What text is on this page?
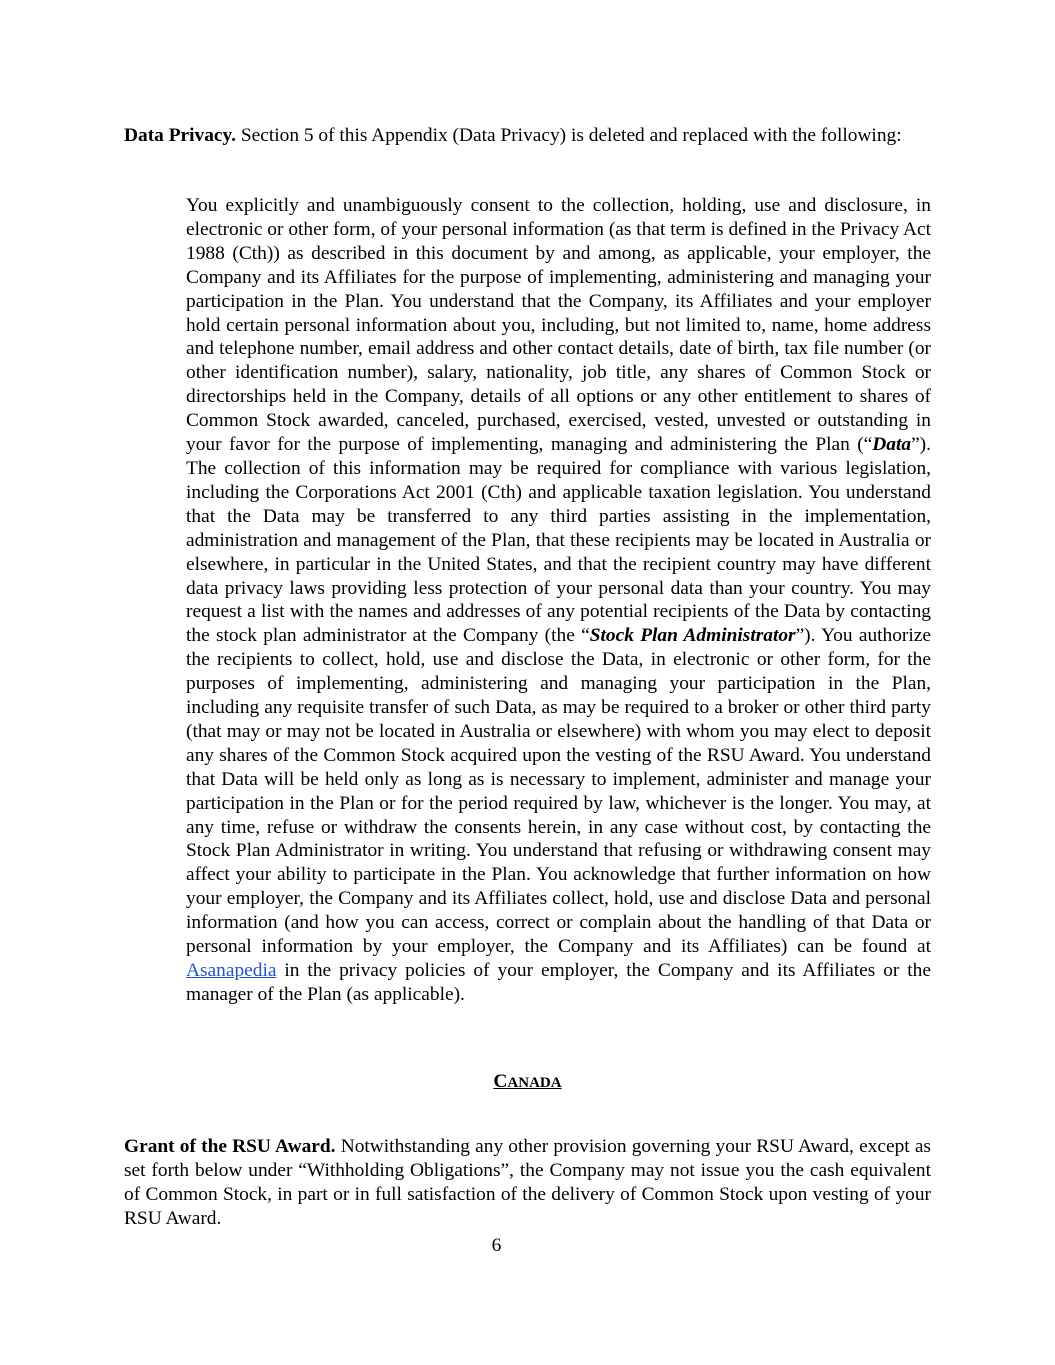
Data Privacy. Section 5 of this Appendix (Data Privacy) is deleted and replaced with the following:

You explicitly and unambiguously consent to the collection, holding, use and disclosure, in electronic or other form, of your personal information (as that term is defined in the Privacy Act 1988 (Cth)) as described in this document by and among, as applicable, your employer, the Company and its Affiliates for the purpose of implementing, administering and managing your participation in the Plan. You understand that the Company, its Affiliates and your employer hold certain personal information about you, including, but not limited to, name, home address and telephone number, email address and other contact details, date of birth, tax file number (or other identification number), salary, nationality, job title, any shares of Common Stock or directorships held in the Company, details of all options or any other entitlement to shares of Common Stock awarded, canceled, purchased, exercised, vested, unvested or outstanding in your favor for the purpose of implementing, managing and administering the Plan (“Data”). The collection of this information may be required for compliance with various legislation, including the Corporations Act 2001 (Cth) and applicable taxation legislation. You understand that the Data may be transferred to any third parties assisting in the implementation, administration and management of the Plan, that these recipients may be located in Australia or elsewhere, in particular in the United States, and that the recipient country may have different data privacy laws providing less protection of your personal data than your country. You may request a list with the names and addresses of any potential recipients of the Data by contacting the stock plan administrator at the Company (the “Stock Plan Administrator”). You authorize the recipients to collect, hold, use and disclose the Data, in electronic or other form, for the purposes of implementing, administering and managing your participation in the Plan, including any requisite transfer of such Data, as may be required to a broker or other third party (that may or may not be located in Australia or elsewhere) with whom you may elect to deposit any shares of the Common Stock acquired upon the vesting of the RSU Award. You understand that Data will be held only as long as is necessary to implement, administer and manage your participation in the Plan or for the period required by law, whichever is the longer. You may, at any time, refuse or withdraw the consents herein, in any case without cost, by contacting the Stock Plan Administrator in writing. You understand that refusing or withdrawing consent may affect your ability to participate in the Plan. You acknowledge that further information on how your employer, the Company and its Affiliates collect, hold, use and disclose Data and personal information (and how you can access, correct or complain about the handling of that Data or personal information by your employer, the Company and its Affiliates) can be found at Asanapedia in the privacy policies of your employer, the Company and its Affiliates or the manager of the Plan (as applicable).

CANADA

Grant of the RSU Award. Notwithstanding any other provision governing your RSU Award, except as set forth below under “Withholding Obligations”, the Company may not issue you the cash equivalent of Common Stock, in part or in full satisfaction of the delivery of Common Stock upon vesting of your RSU Award.

6
